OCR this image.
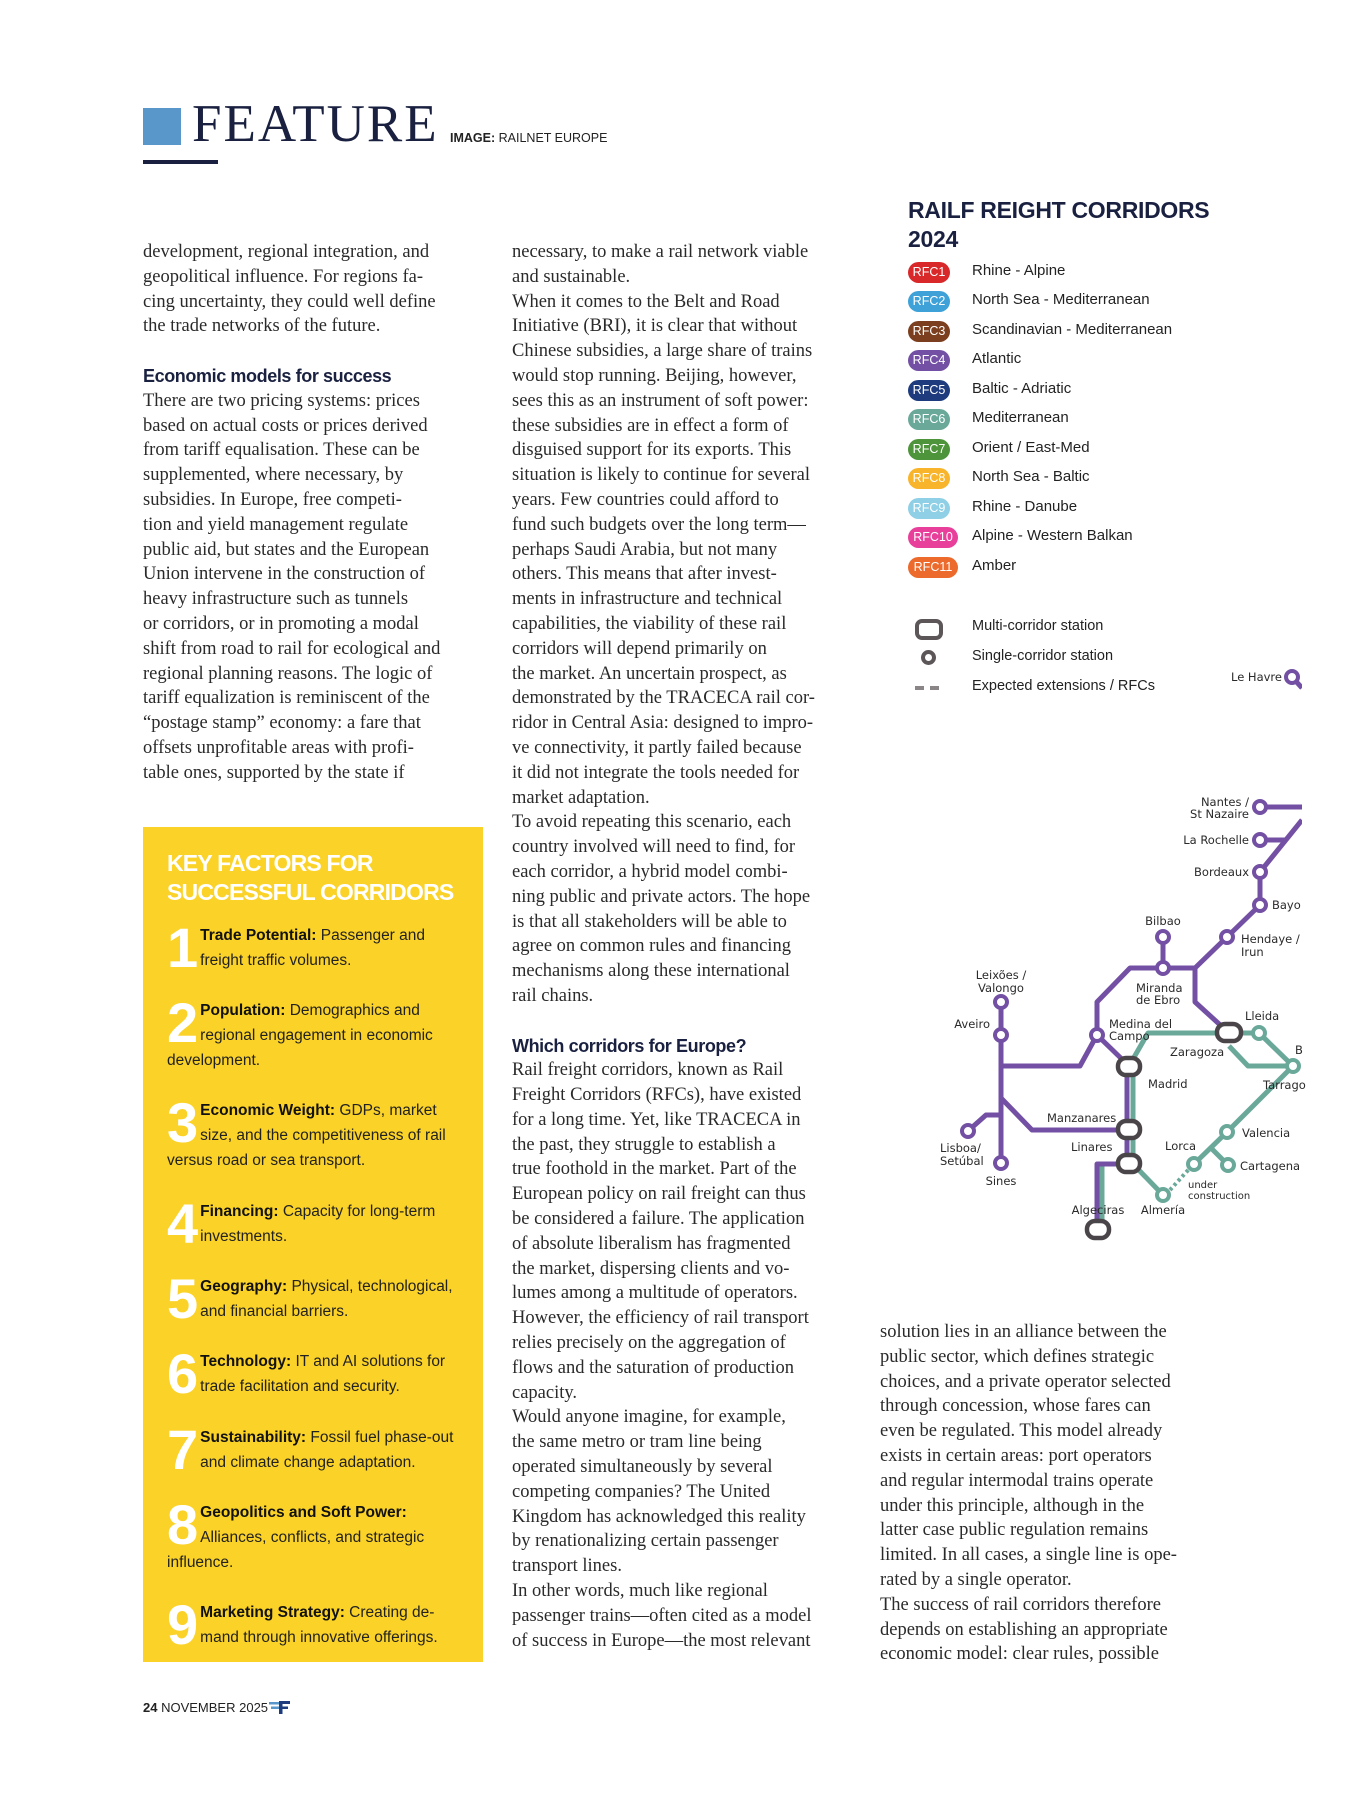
FEATURE IMAGE: RAILNET EUROPE

development, regional integration, and

geopolitical influence. For regions fa-

cing uncertainty, they could well define

the trade networks of the future.

Economic models for success

There are two pricing systems: prices

based on actual costs or prices derived

from tariff equalisation. These can be

supplemented, where necessary, by

subsidies. In Europe, free competi-

tion and yield management regulate

public aid, but states and the European

Union intervene in the construction of

heavy infrastructure such as tunnels

or corridors, or in promoting a modal

shift from road to rail for ecological and

regional planning reasons. The logic of

tariff equalization is reminiscent of the

“postage stamp” economy: a fare that

offsets unprofitable areas with profi-

table ones, supported by the state if

KEY FACTORS FOR
SUCCESSFUL CORRIDORS
1 Trade Potential: Passenger and freight traffic volumes.
2 Population: Demographics and regional engagement in economic development.
3 Economic Weight: GDPs, market size, and the competitiveness of rail versus road or sea transport.
4 Financing: Capacity for long-term investments.
5 Geography: Physical, technological, and financial barriers.
6 Technology: IT and AI solutions for trade facilitation and security.
7 Sustainability: Fossil fuel phase-out and climate change adaptation.
8 Geopolitics and Soft Power: Alliances, conflicts, and strategic influence.
9 Marketing Strategy: Creating de-mand through innovative offerings.

necessary, to make a rail network viable

and sustainable.

When it comes to the Belt and Road

Initiative (BRI), it is clear that without

Chinese subsidies, a large share of trains

would stop running. Beijing, however,

sees this as an instrument of soft power:

these subsidies are in effect a form of

disguised support for its exports. This

situation is likely to continue for several

years. Few countries could afford to

fund such budgets over the long term—

perhaps Saudi Arabia, but not many

others. This means that after invest-

ments in infrastructure and technical

capabilities, the viability of these rail

corridors will depend primarily on

the market. An uncertain prospect, as

demonstrated by the TRACECA rail cor-

ridor in Central Asia: designed to impro-

ve connectivity, it partly failed because

it did not integrate the tools needed for

market adaptation.

To avoid repeating this scenario, each

country involved will need to find, for

each corridor, a hybrid model combi-

ning public and private actors. The hope

is that all stakeholders will be able to

agree on common rules and financing

mechanisms along these international

rail chains.

Which corridors for Europe?

Rail freight corridors, known as Rail

Freight Corridors (RFCs), have existed

for a long time. Yet, like TRACECA in

the past, they struggle to establish a

true foothold in the market. Part of the

European policy on rail freight can thus

be considered a failure. The application

of absolute liberalism has fragmented

the market, dispersing clients and vo-

lumes among a multitude of operators.

However, the efficiency of rail transport

relies precisely on the aggregation of

flows and the saturation of production

capacity.

Would anyone imagine, for example,

the same metro or tram line being

operated simultaneously by several

competing companies? The United

Kingdom has acknowledged this reality

by renationalizing certain passenger

transport lines.

In other words, much like regional

passenger trains—often cited as a model

of success in Europe—the most relevant

solution lies in an alliance between the

public sector, which defines strategic

choices, and a private operator selected

through concession, whose fares can

even be regulated. This model already

exists in certain areas: port operators

and regular intermodal trains operate

under this principle, although in the

latter case public regulation remains

limited. In all cases, a single line is ope-

rated by a single operator.

The success of rail corridors therefore

depends on establishing an appropriate

economic model: clear rules, possible

RAILF REIGHT CORRIDORS
2024
RFC1	Rhine - Alpine
RFC2	North Sea - Mediterranean
RFC3	Scandinavian - Mediterranean
RFC4	Atlantic
RFC5	Baltic - Adriatic
RFC6	Mediterranean
RFC7	Orient / East-Med
RFC8	North Sea - Baltic
RFC9	Rhine - Danube
RFC10	Alpine - Western Balkan
RFC11	Amber
Multi-corridor station
Single-corridor station
Expected extensions / RFCs
Le Havre
Nantes /
St Nazaire
La Rochelle
Bordeaux
Bayo
Hendaye /
Irun
Bilbao
Miranda
de Ebro
Leixões /
Valongo
Aveiro	Medina del
Campo
Lleida
Zaragoza	B
Madrid	Tarrago
Manzanares
Linares
Valencia
Lorca
Cartagena
Lisboa/
Setúbal
Sines	under
construction
Algeciras Almería
24 NOVEMBER 2025
